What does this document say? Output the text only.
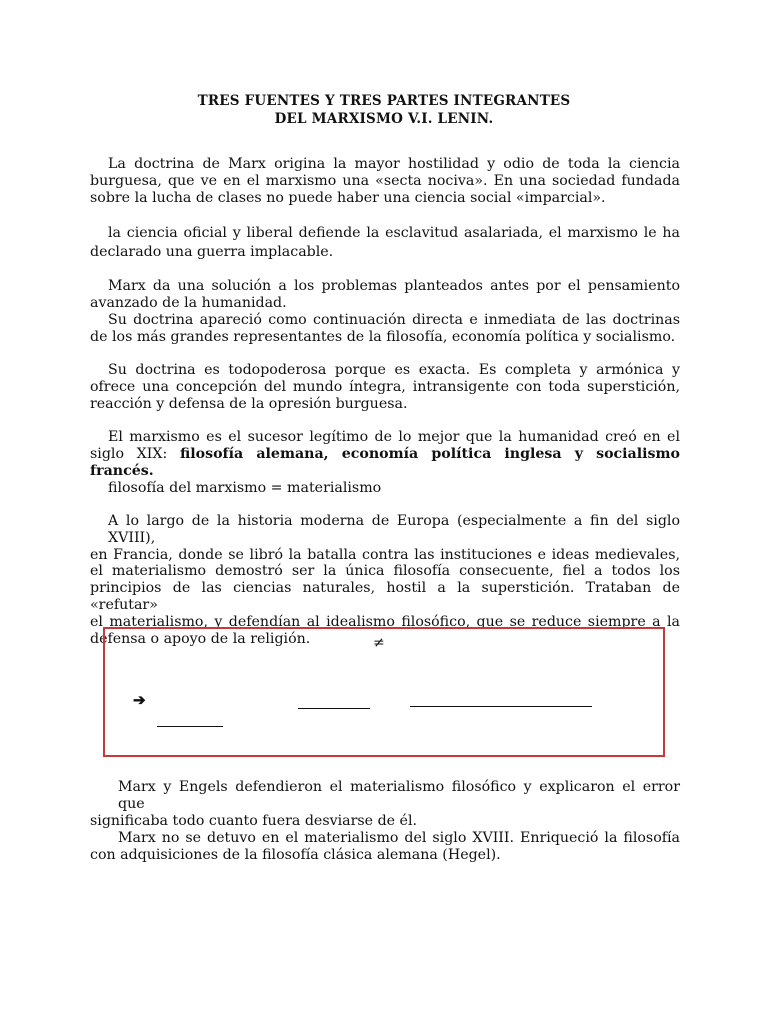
TRES FUENTES Y TRES PARTES INTEGRANTES
DEL MARXISMO V.I. LENIN.
La doctrina de Marx origina la mayor hostilidad y odio de toda la ciencia
burguesa, que ve en el marxismo una «secta nociva». En una sociedad fundada
sobre la lucha de clases no puede haber una ciencia social «imparcial».
la ciencia oficial y liberal defiende la esclavitud asalariada, el marxismo le ha
declarado una guerra implacable.
Marx da una solución a los problemas planteados antes por el pensamiento
avanzado de la humanidad.
Su doctrina apareció como continuación directa e inmediata de las doctrinas
de los más grandes representantes de la filosofía, economía política y socialismo.
Su doctrina es todopoderosa porque es exacta. Es completa y armónica y
ofrece una concepción del mundo íntegra, intransigente con toda superstición,
reacción y defensa de la opresión burguesa.
El marxismo es el sucesor legítimo de lo mejor que la humanidad creó en el
siglo XIX: filosofía alemana, economía política inglesa y socialismo francés.
filosofía del marxismo = materialismo
A lo largo de la historia moderna de Europa (especialmente a fin del siglo XVIII),
en Francia, donde se libró la batalla contra las instituciones e ideas medievales,
el materialismo demostró ser la única filosofía consecuente, fiel a todos los
principios de las ciencias naturales, hostil a la superstición. Trataban de «refutar»
el materialismo, y defendían al idealismo filosófico, que se reduce siempre a la
defensa o apoyo de la religión.	≠
➔
Marx y Engels defendieron el materialismo filosófico y explicaron el error que
significaba todo cuanto fuera desviarse de él.
Marx no se detuvo en el materialismo del siglo XVIII. Enriqueció la filosofía
con adquisiciones de la filosofía clásica alemana (Hegel).
